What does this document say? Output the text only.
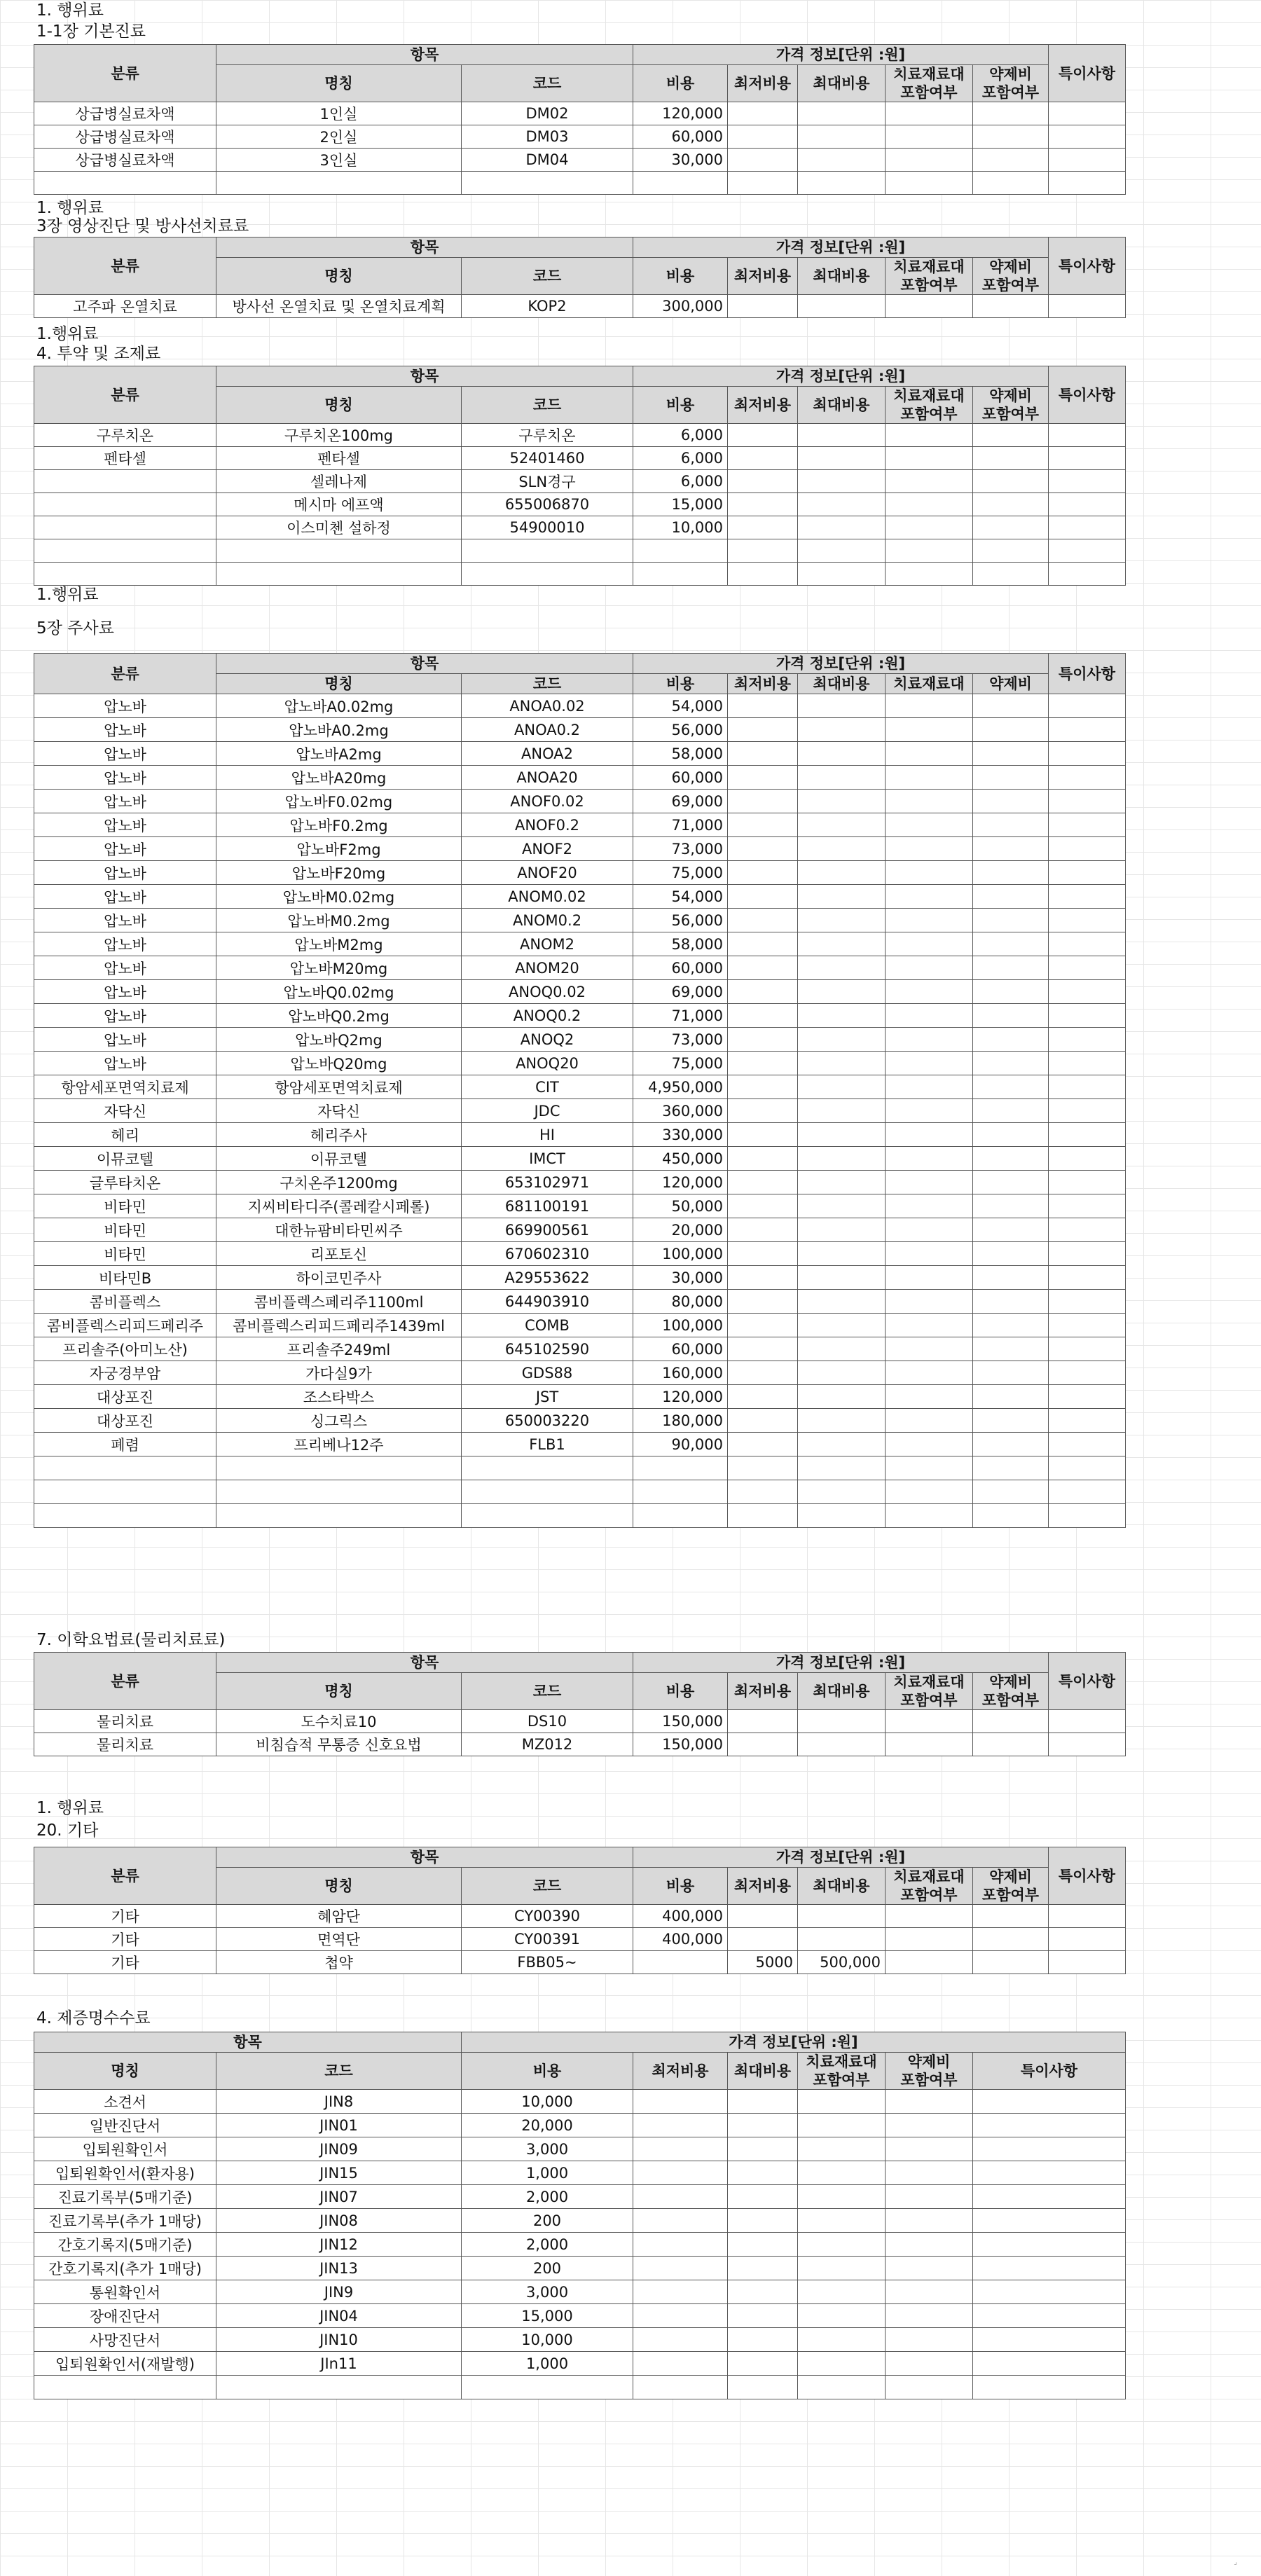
1. 행위료
1-1장 기본진료
분류	항목		가격 정보[단위 :원]					특이사항
	명칭	코드	비용	최저비용	최대비용	치료재료대
포함여부	약제비
포함여부	
상급병실료차액	1인실	DM02	120,000					
상급병실료차액	2인실	DM03	60,000					
상급병실료차액	3인실	DM04	30,000					

1. 행위료
3장 영상진단 및 방사선치료료
분류	항목		가격 정보[단위 :원]					특이사항
	명칭	코드	비용	최저비용	최대비용	치료재료대
포함여부	약제비
포함여부	
고주파 온열치료	방사선 온열치료 및 온열치료계획	KOP2	300,000					
1.행위료
4. 투약 및 조제료
분류	항목		가격 정보[단위 :원]					특이사항
	명칭	코드	비용	최저비용	최대비용	치료재료대
포함여부	약제비
포함여부	
구루치온	구루치온100mg	구루치온	6,000					
펜타셀	펜타셀	52401460	6,000					
	셀레나제	SLN경구	6,000					
	메시마 에프액	655006870	15,000					
	이스미첸 설하정	54900010	10,000					

1.행위료
5장 주사료
분류	항목		가격 정보[단위 :원]					특이사항
	명칭	코드	비용	최저비용	최대비용	치료재료대	약제비	
압노바	압노바A0.02mg	ANOA0.02	54,000					
압노바	압노바A0.2mg	ANOA0.2	56,000					
압노바	압노바A2mg	ANOA2	58,000					
압노바	압노바A20mg	ANOA20	60,000					
압노바	압노바F0.02mg	ANOF0.02	69,000					
압노바	압노바F0.2mg	ANOF0.2	71,000					
압노바	압노바F2mg	ANOF2	73,000					
압노바	압노바F20mg	ANOF20	75,000					
압노바	압노바M0.02mg	ANOM0.02	54,000					
압노바	압노바M0.2mg	ANOM0.2	56,000					
압노바	압노바M2mg	ANOM2	58,000					
압노바	압노바M20mg	ANOM20	60,000					
압노바	압노바Q0.02mg	ANOQ0.02	69,000					
압노바	압노바Q0.2mg	ANOQ0.2	71,000					
압노바	압노바Q2mg	ANOQ2	73,000					
압노바	압노바Q20mg	ANOQ20	75,000					
항암세포면역치료제	항암세포면역치료제	CIT	4,950,000					
자닥신	자닥신	JDC	360,000					
헤리	헤리주사	HI	330,000					
이뮤코텔	이뮤코텔	IMCT	450,000					
글루타치온	구치온주1200mg	653102971	120,000					
비타민	지씨비타디주(콜레칼시페롤)	681100191	50,000					
비타민	대한뉴팜비타민씨주	669900561	20,000					
비타민	리포토신	670602310	100,000					
비타민B	하이코민주사	A29553622	30,000					
콤비플렉스	콤비플렉스페리주1100ml	644903910	80,000					
콤비플렉스리피드페리주	콤비플렉스리피드페리주1439ml	COMB	100,000					
프리솔주(아미노산)	프리솔주249ml	645102590	60,000					
자궁경부암	가다실9가	GDS88	160,000					
대상포진	조스타박스	JST	120,000					
대상포진	싱그릭스	650003220	180,000					
폐렴	프리베나12주	FLB1	90,000					

7. 이학요법료(물리치료료)
분류	항목		가격 정보[단위 :원]					특이사항
	명칭	코드	비용	최저비용	최대비용	치료재료대
포함여부	약제비
포함여부	
물리치료	도수치료10	DS10	150,000					
물리치료	비침습적 무통증 신호요법	MZ012	150,000					
1. 행위료
20. 기타
분류	항목		가격 정보[단위 :원]					특이사항
	명칭	코드	비용	최저비용	최대비용	치료재료대
포함여부	약제비
포함여부	
기타	혜암단	CY00390	400,000					
기타	면역단	CY00391	400,000					
기타	첩약	FBB05~		5000	500,000			
4. 제증명수수료
항목		가격 정보[단위 :원]					
명칭	코드	비용	최저비용	최대비용	치료재료대
포함여부	약제비
포함여부	특이사항
소견서	JIN8	10,000					
일반진단서	JIN01	20,000					
입퇴원확인서	JIN09	3,000					
입퇴원확인서(환자용)	JIN15	1,000					
진료기록부(5매기준)	JIN07	2,000					
진료기록부(추가 1매당)	JIN08	200					
간호기록지(5매기준)	JIN12	2,000					
간호기록지(추가 1매당)	JIN13	200					
통원확인서	JIN9	3,000					
장애진단서	JIN04	15,000					
사망진단서	JIN10	10,000					
입퇴원확인서(재발행)	JIn11	1,000					

⌟
